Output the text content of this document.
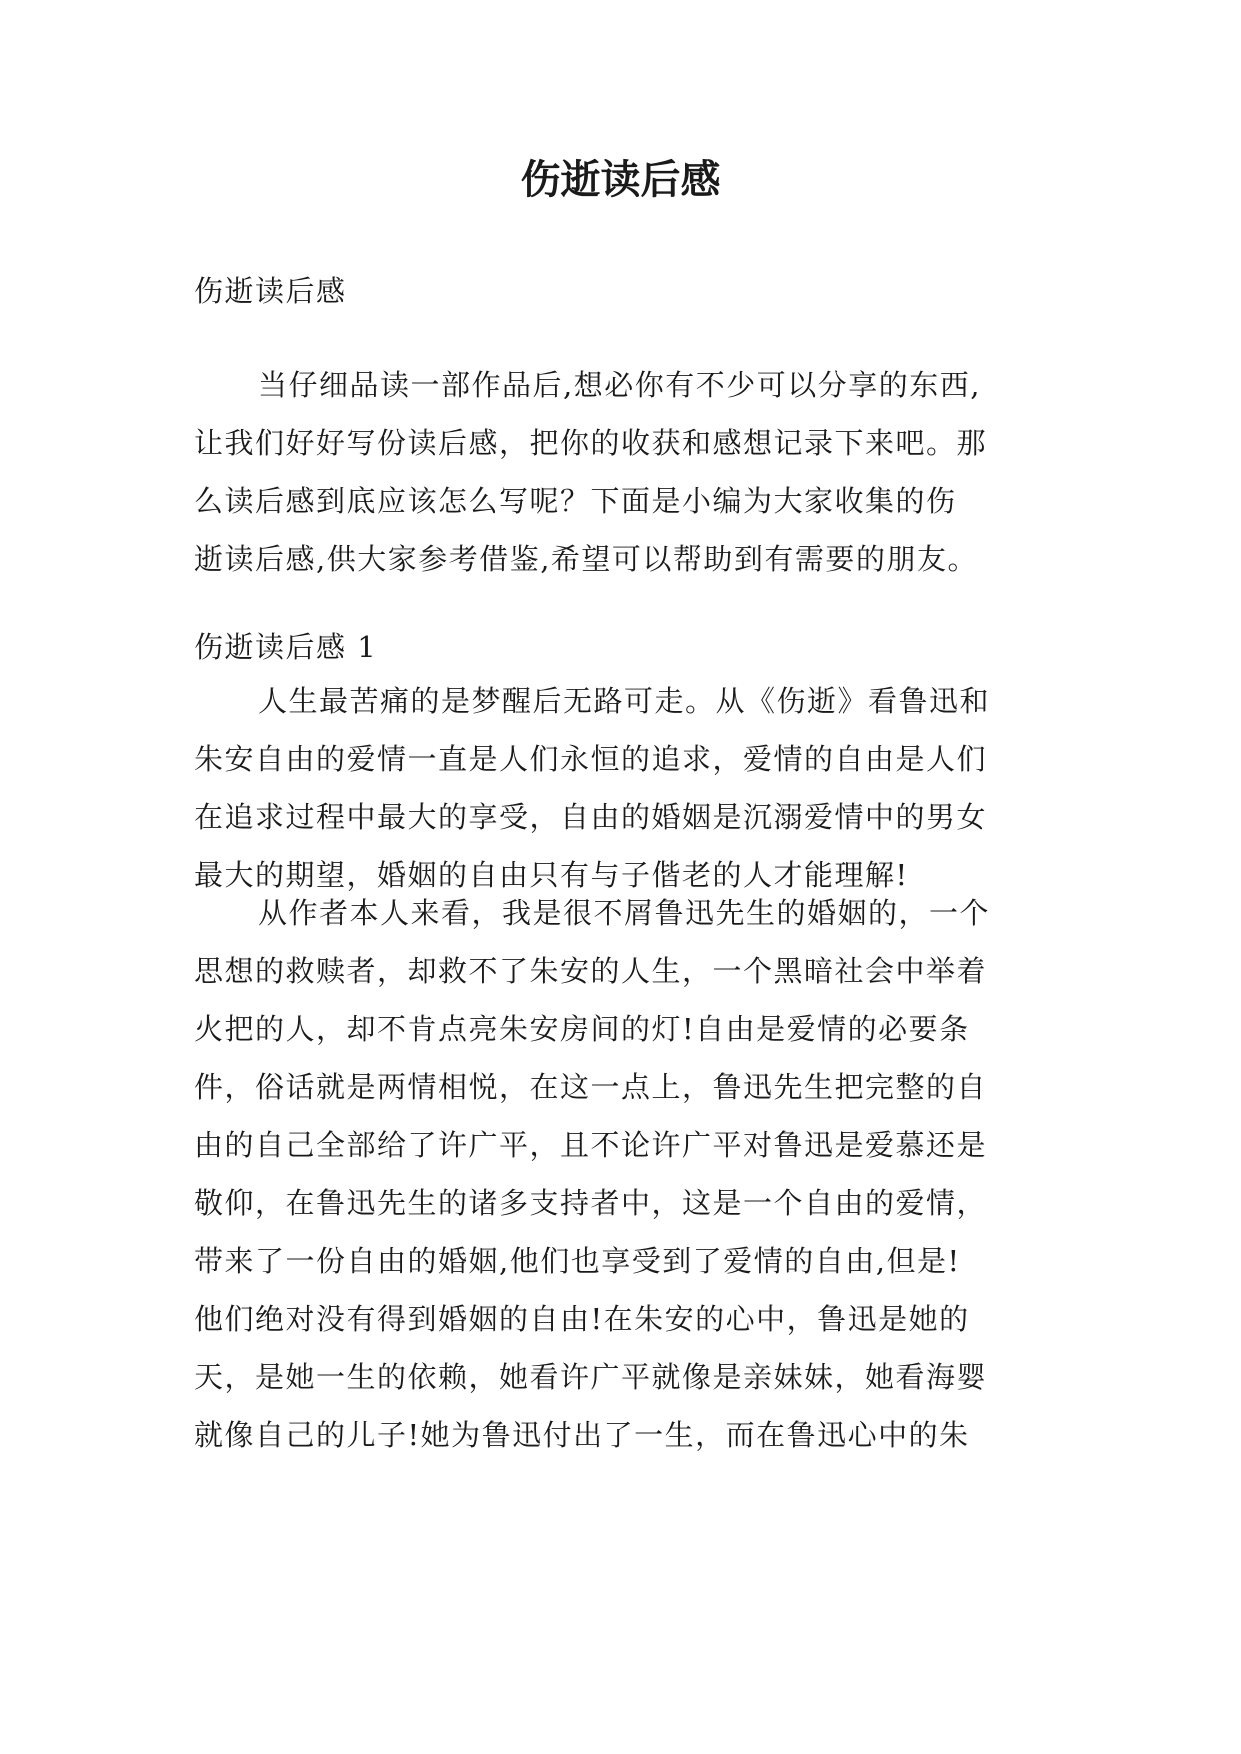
伤逝读后感
伤逝读后感
当仔细品读一部作品后,想必你有不少可以分享的东西,
让我们好好写份读后感，把你的收获和感想记录下来吧。那
么读后感到底应该怎么写呢？下面是小编为大家收集的伤
逝读后感,供大家参考借鉴,希望可以帮助到有需要的朋友。
伤逝读后感 1
人生最苦痛的是梦醒后无路可走。从《伤逝》看鲁迅和
朱安自由的爱情一直是人们永恒的追求，爱情的自由是人们
在追求过程中最大的享受，自由的婚姻是沉溺爱情中的男女
最大的期望，婚姻的自由只有与子偕老的人才能理解!
从作者本人来看，我是很不屑鲁迅先生的婚姻的，一个
思想的救赎者，却救不了朱安的人生，一个黑暗社会中举着
火把的人，却不肯点亮朱安房间的灯!自由是爱情的必要条
件，俗话就是两情相悦，在这一点上，鲁迅先生把完整的自
由的自己全部给了许广平，且不论许广平对鲁迅是爱慕还是
敬仰，在鲁迅先生的诸多支持者中，这是一个自由的爱情，
带来了一份自由的婚姻,他们也享受到了爱情的自由,但是!
他们绝对没有得到婚姻的自由!在朱安的心中，鲁迅是她的
天，是她一生的依赖，她看许广平就像是亲妹妹，她看海婴
就像自己的儿子!她为鲁迅付出了一生，而在鲁迅心中的朱
